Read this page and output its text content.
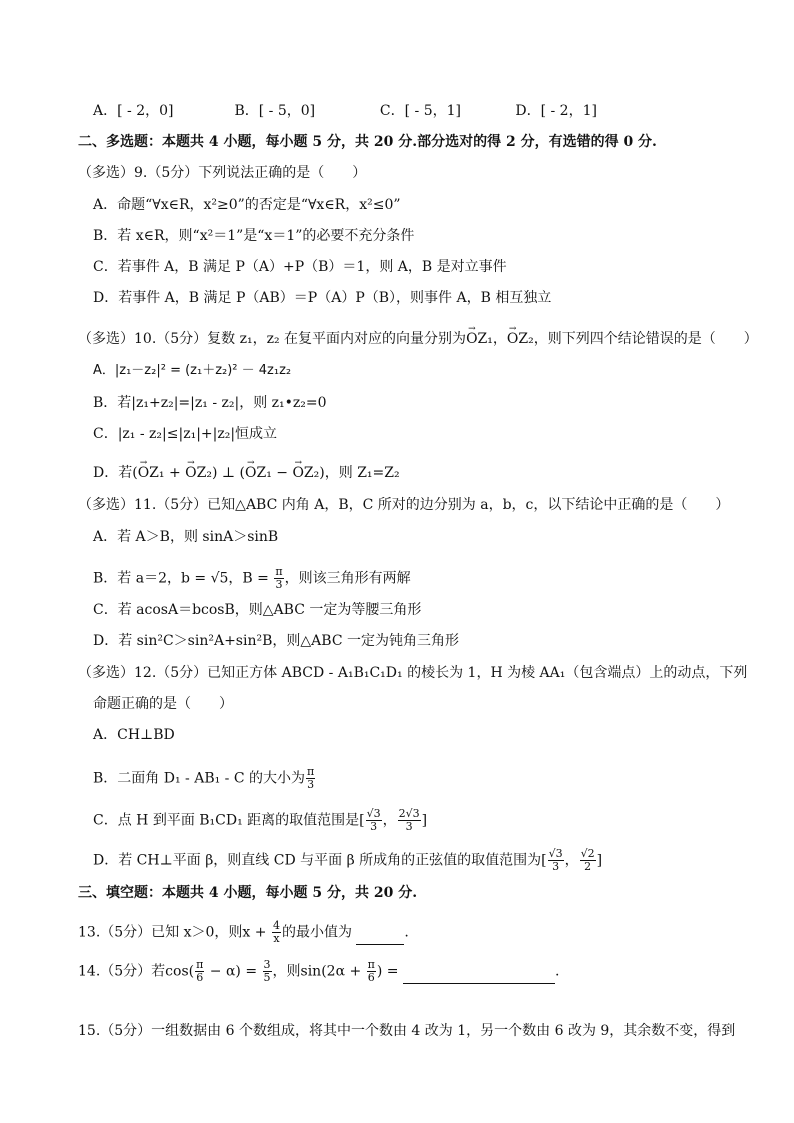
A．[ - 2，0]	B．[ - 5，0]	C．[ - 5，1]	D．[ - 2，1]
二、多选题：本题共 4 小题，每小题 5 分，共 20 分.部分选对的得 2 分，有选错的得 0 分.
（多选）9.（5分）下列说法正确的是（　　）
A．命题“∀x∈R，x²≥0”的否定是“∀x∈R，x²≤0”
B．若 x∈R，则“x²＝1”是“x＝1”的必要不充分条件
C．若事件 A，B 满足 P（A）+P（B）＝1，则 A，B 是对立事件
D．若事件 A，B 满足 P（AB）＝P（A）P（B），则事件 A，B 相互独立
（多选）10.（5分）复数 z₁，z₂ 在复平面内对应的向量分别为→ OZ₁，→ OZ₂，则下列四个结论错误的是（　　）
A．|z₁－z₂|² = (z₁＋z₂)² － 4z₁z₂
B．若|z₁+z₂|=|z₁ - z₂|，则 z₁•z₂=0
C．|z₁ - z₂|≤|z₁|+|z₂|恒成立
D．若(→ OZ₁ + → OZ₂) ⊥ (→ OZ₁ − → OZ₂)，则 Z₁=Z₂
（多选）11.（5分）已知△ABC 内角 A，B，C 所对的边分别为 a，b，c，以下结论中正确的是（　　）
A．若 A＞B，则 sinA＞sinB
B．若 a＝2，b = √5，$B = \frac{\pi}{3}$ ，则该三角形有两解
C．若 acosA＝bcosB，则△ABC 一定为等腰三角形
D．若 sin²C＞sin²A+sin²B，则△ABC 一定为钝角三角形
（多选）12.（5分）已知正方体 ABCD - A₁B₁C₁D₁ 的棱长为 1，H 为棱 AA₁（包含端点）上的动点，下列
命题正确的是（　　）
A．CH⊥BD
B．二面角 D₁ - AB₁ - C 的大小为 $\frac{\pi}{3}$
C．点 H 到平面 B₁CD₁ 距离的取值范围是[ $\frac{√3}{3}$ ， $\frac{2√3}{3}$ ]
D．若 CH⊥平面 β，则直线 CD 与平面 β 所成角的正弦值的取值范围为[ $\frac{√3}{3}$ ， $\frac{√2}{2}$ ]
三、填空题：本题共 4 小题，每小题 5 分，共 20 分.
13.（5分）已知 x＞0，则$x + \frac{4}{x}$ 的最小值为	.
14.（5分）若$\cos( \frac{\pi}{6} - \alpha) = \frac{3}{5}$ ，则$\sin(2\alpha + \frac{\pi}{6}$ ) =	.
15.（5分）一组数据由 6 个数组成，将其中一个数由 4 改为 1，另一个数由 6 改为 9，其余数不变，得到
